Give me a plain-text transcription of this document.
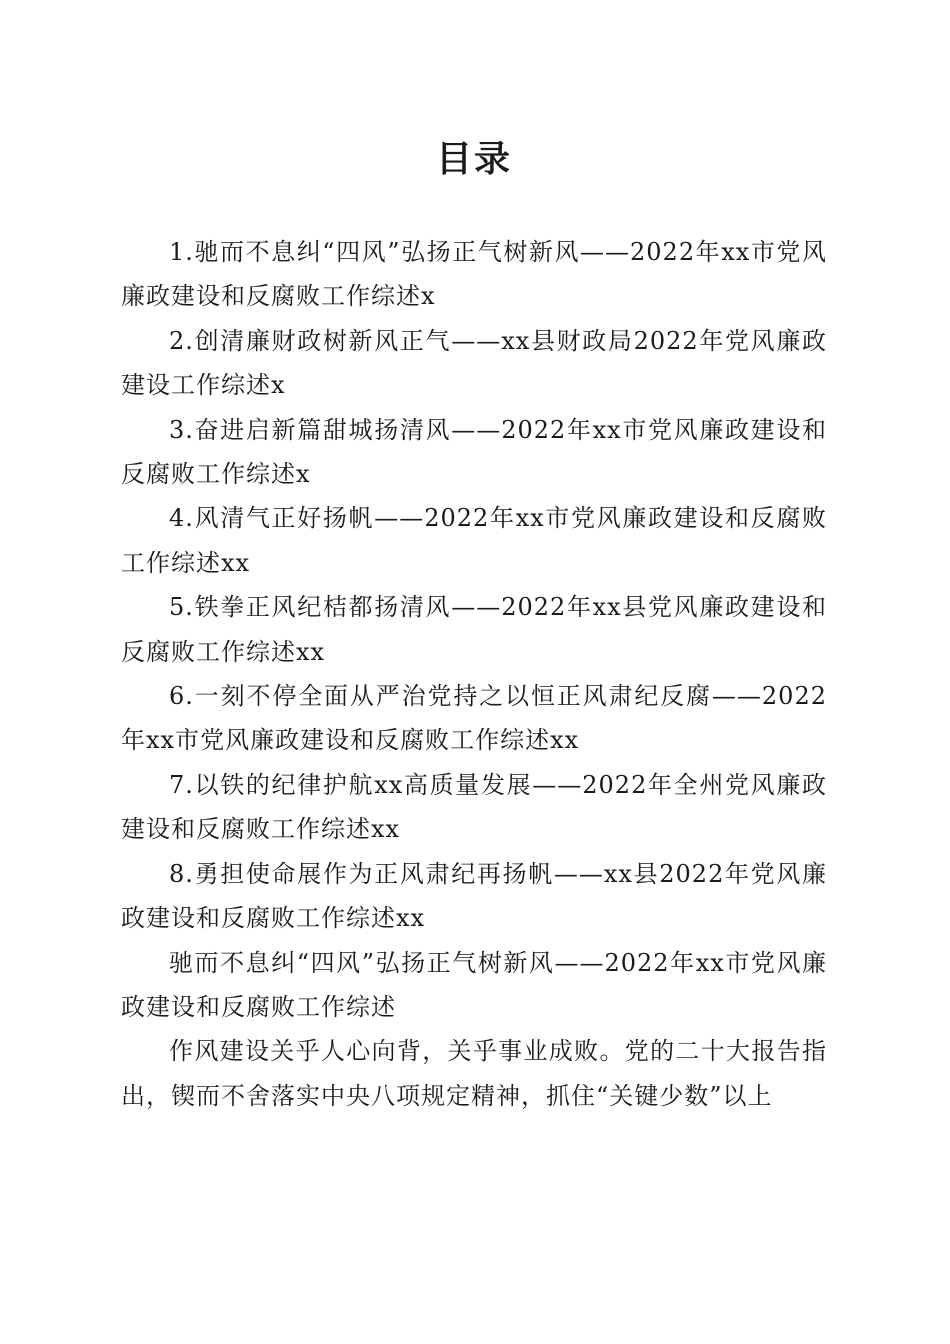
目录

1.驰而不息纠“四风”弘扬正气树新风——2022年xx市党风廉政建设和反腐败工作综述x

2.创清廉财政树新风正气——xx县财政局2022年党风廉政建设工作综述x

3.奋进启新篇甜城扬清风——2022年xx市党风廉政建设和反腐败工作综述x

4.风清气正好扬帆——2022年xx市党风廉政建设和反腐败工作综述xx

5.铁拳正风纪桔都扬清风——2022年xx县党风廉政建设和反腐败工作综述xx

6.一刻不停全面从严治党持之以恒正风肃纪反腐——2022年xx市党风廉政建设和反腐败工作综述xx

7.以铁的纪律护航xx高质量发展——2022年全州党风廉政建设和反腐败工作综述xx

8.勇担使命展作为正风肃纪再扬帆——xx县2022年党风廉政建设和反腐败工作综述xx

驰而不息纠“四风”弘扬正气树新风——2022年xx市党风廉政建设和反腐败工作综述

作风建设关乎人心向背，关乎事业成败。党的二十大报告指出，锲而不舍落实中央八项规定精神，抓住“关键少数”以上
